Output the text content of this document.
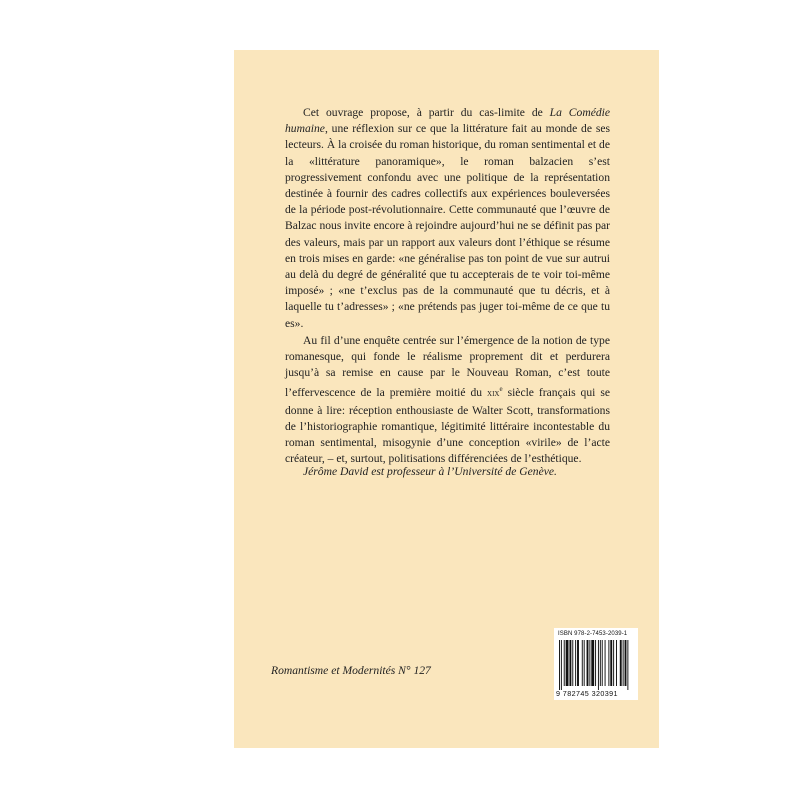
Cet ouvrage propose, à partir du cas-limite de La Comédie humaine, une réflexion sur ce que la littérature fait au monde de ses lecteurs. À la croisée du roman historique, du roman sentimental et de la «littérature panoramique», le roman balzacien s’est progressivement confondu avec une politique de la représentation destinée à fournir des cadres collectifs aux expériences bouleversées de la période post-révolutionnaire. Cette communauté que l’œuvre de Balzac nous invite encore à rejoindre aujourd’hui ne se définit pas par des valeurs, mais par un rapport aux valeurs dont l’éthique se résume en trois mises en garde: «ne généralise pas ton point de vue sur autrui au delà du degré de généralité que tu accepterais de te voir toi-même imposé» ; «ne t’exclus pas de la communauté que tu décris, et à laquelle tu t’adresses» ; «ne prétends pas juger toi-même de ce que tu es».

Au fil d’une enquête centrée sur l’émergence de la notion de type romanesque, qui fonde le réalisme proprement dit et perdurera jusqu’à sa remise en cause par le Nouveau Roman, c’est toute l’effervescence de la première moitié du xix$^e$ siècle français qui se donne à lire: réception enthousiaste de Walter Scott, transformations de l’historiographie romantique, légitimité littéraire incontestable du roman sentimental, misogynie d’une conception «virile» de l’acte créateur, – et, surtout, politisations différenciées de l’esthétique.

Jérôme David est professeur à l’Université de Genève.
Romantisme et Modernités N° 127
ISBN 978-2-7453-2039-1
9 782745 320391
